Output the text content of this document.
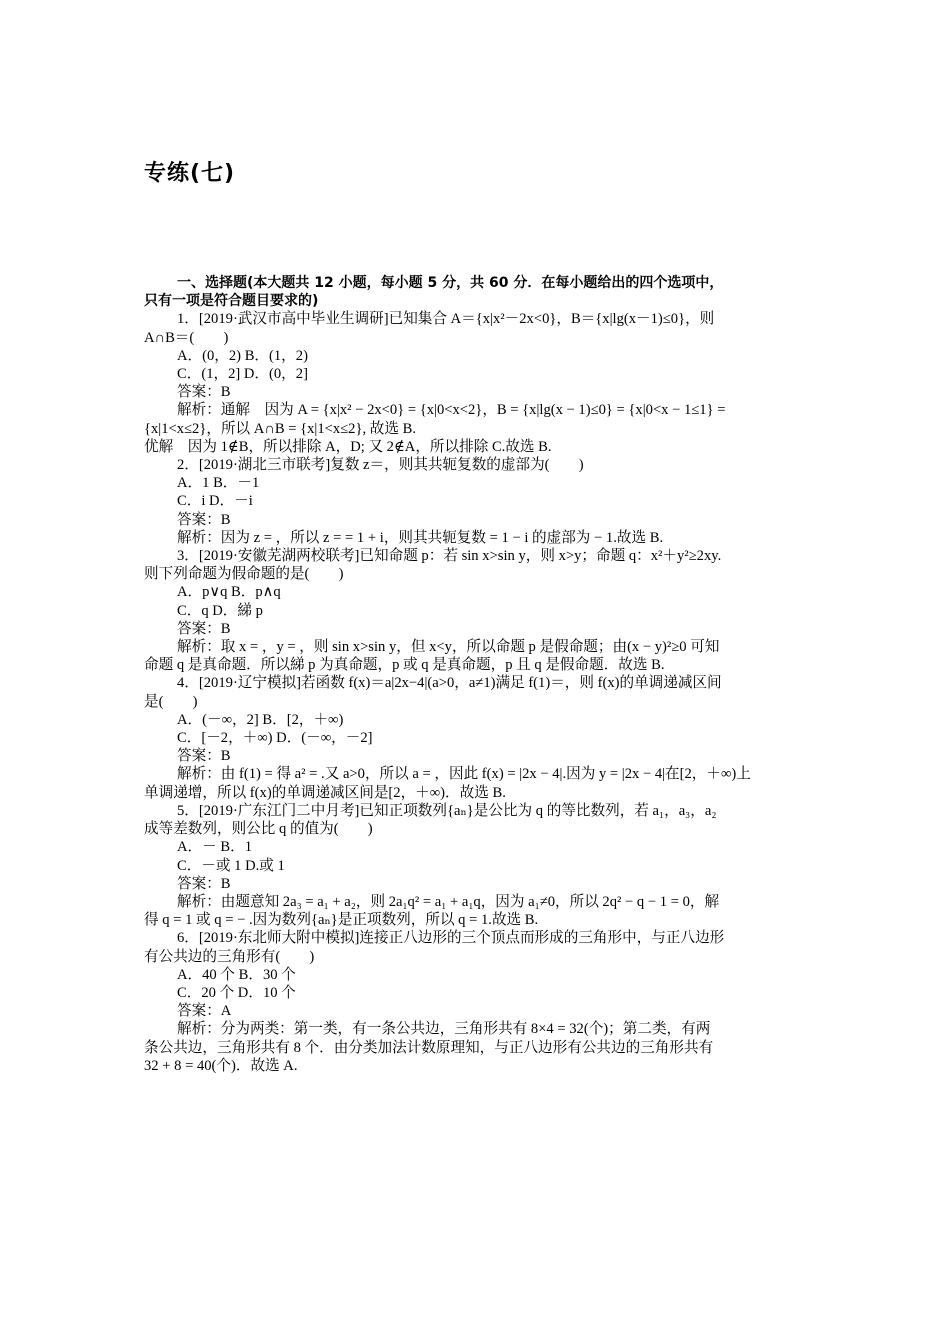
专练(七)
一、选择题(本大题共 12 小题，每小题 5 分，共 60 分．在每小题给出的四个选项中，
只有一项是符合题目要求的)
1．[2019·武汉市高中毕业生调研]已知集合 A＝{x|x²－2x<0}，B＝{x|lg(x－1)≤0}，则
A∩B＝(　　)
A．(0，2) B．(1，2)
C．(1，2] D．(0，2]
答案：B
解析：通解　因为 A = {x|x² − 2x<0} = {x|0<x<2}，B = {x|lg(x − 1)≤0} = {x|0<x − 1≤1} =
{x|1<x≤2}，所以 A∩B = {x|1<x≤2}, 故选 B.
优解　因为 1∉B，所以排除 A，D; 又 2∉A，所以排除 C.故选 B.
2．[2019·湖北三市联考]复数 z＝，则其共轭复数的虚部为(　　)
A．1 B．－1
C．i D．－i
答案：B
解析：因为 z = ，所以 z = = 1 + i，则其共轭复数 = 1 − i 的虚部为 − 1.故选 B.
3．[2019·安徽芜湖两校联考]已知命题 p：若 sin x>sin y，则 x>y；命题 q：x²＋y²≥2xy.
则下列命题为假命题的是(　　)
A．p∨q B．p∧q
C．q D．綈 p
答案：B
解析：取 x = ，y = ，则 sin x>sin y，但 x<y，所以命题 p 是假命题；由(x − y)²≥0 可知
命题 q 是真命题．所以綈 p 为真命题，p 或 q 是真命题，p 且 q 是假命题．故选 B.
4．[2019·辽宁模拟]若函数 f(x)＝a|2x−4|(a>0，a≠1)满足 f(1)＝，则 f(x)的单调递减区间
是(　　)
A．(－∞，2] B．[2，＋∞)
C．[－2，＋∞) D．(－∞，－2]
答案：B
解析：由 f(1) = 得 a² = .又 a>0，所以 a = ，因此 f(x) = |2x − 4|.因为 y = |2x − 4|在[2，＋∞)上
单调递增，所以 f(x)的单调递减区间是[2，＋∞)．故选 B.
5．[2019·广东江门二中月考]已知正项数列{aₙ}是公比为 q 的等比数列，若 a₁，a₃，a₂
成等差数列，则公比 q 的值为(　　)
A．－ B．1
C．－或 1 D.或 1
答案：B
解析：由题意知 2a₃ = a₁ + a₂，则 2a₁q² = a₁ + a₁q，因为 a₁≠0，所以 2q² − q − 1 = 0，解
得 q = 1 或 q = − .因为数列{aₙ}是正项数列，所以 q = 1.故选 B.
6．[2019·东北师大附中模拟]连接正八边形的三个顶点而形成的三角形中，与正八边形
有公共边的三角形有(　　)
A．40 个 B．30 个
C．20 个 D．10 个
答案：A
解析：分为两类：第一类，有一条公共边，三角形共有 8×4 = 32(个)；第二类，有两
条公共边，三角形共有 8 个．由分类加法计数原理知，与正八边形有公共边的三角形共有
32 + 8 = 40(个)．故选 A.
